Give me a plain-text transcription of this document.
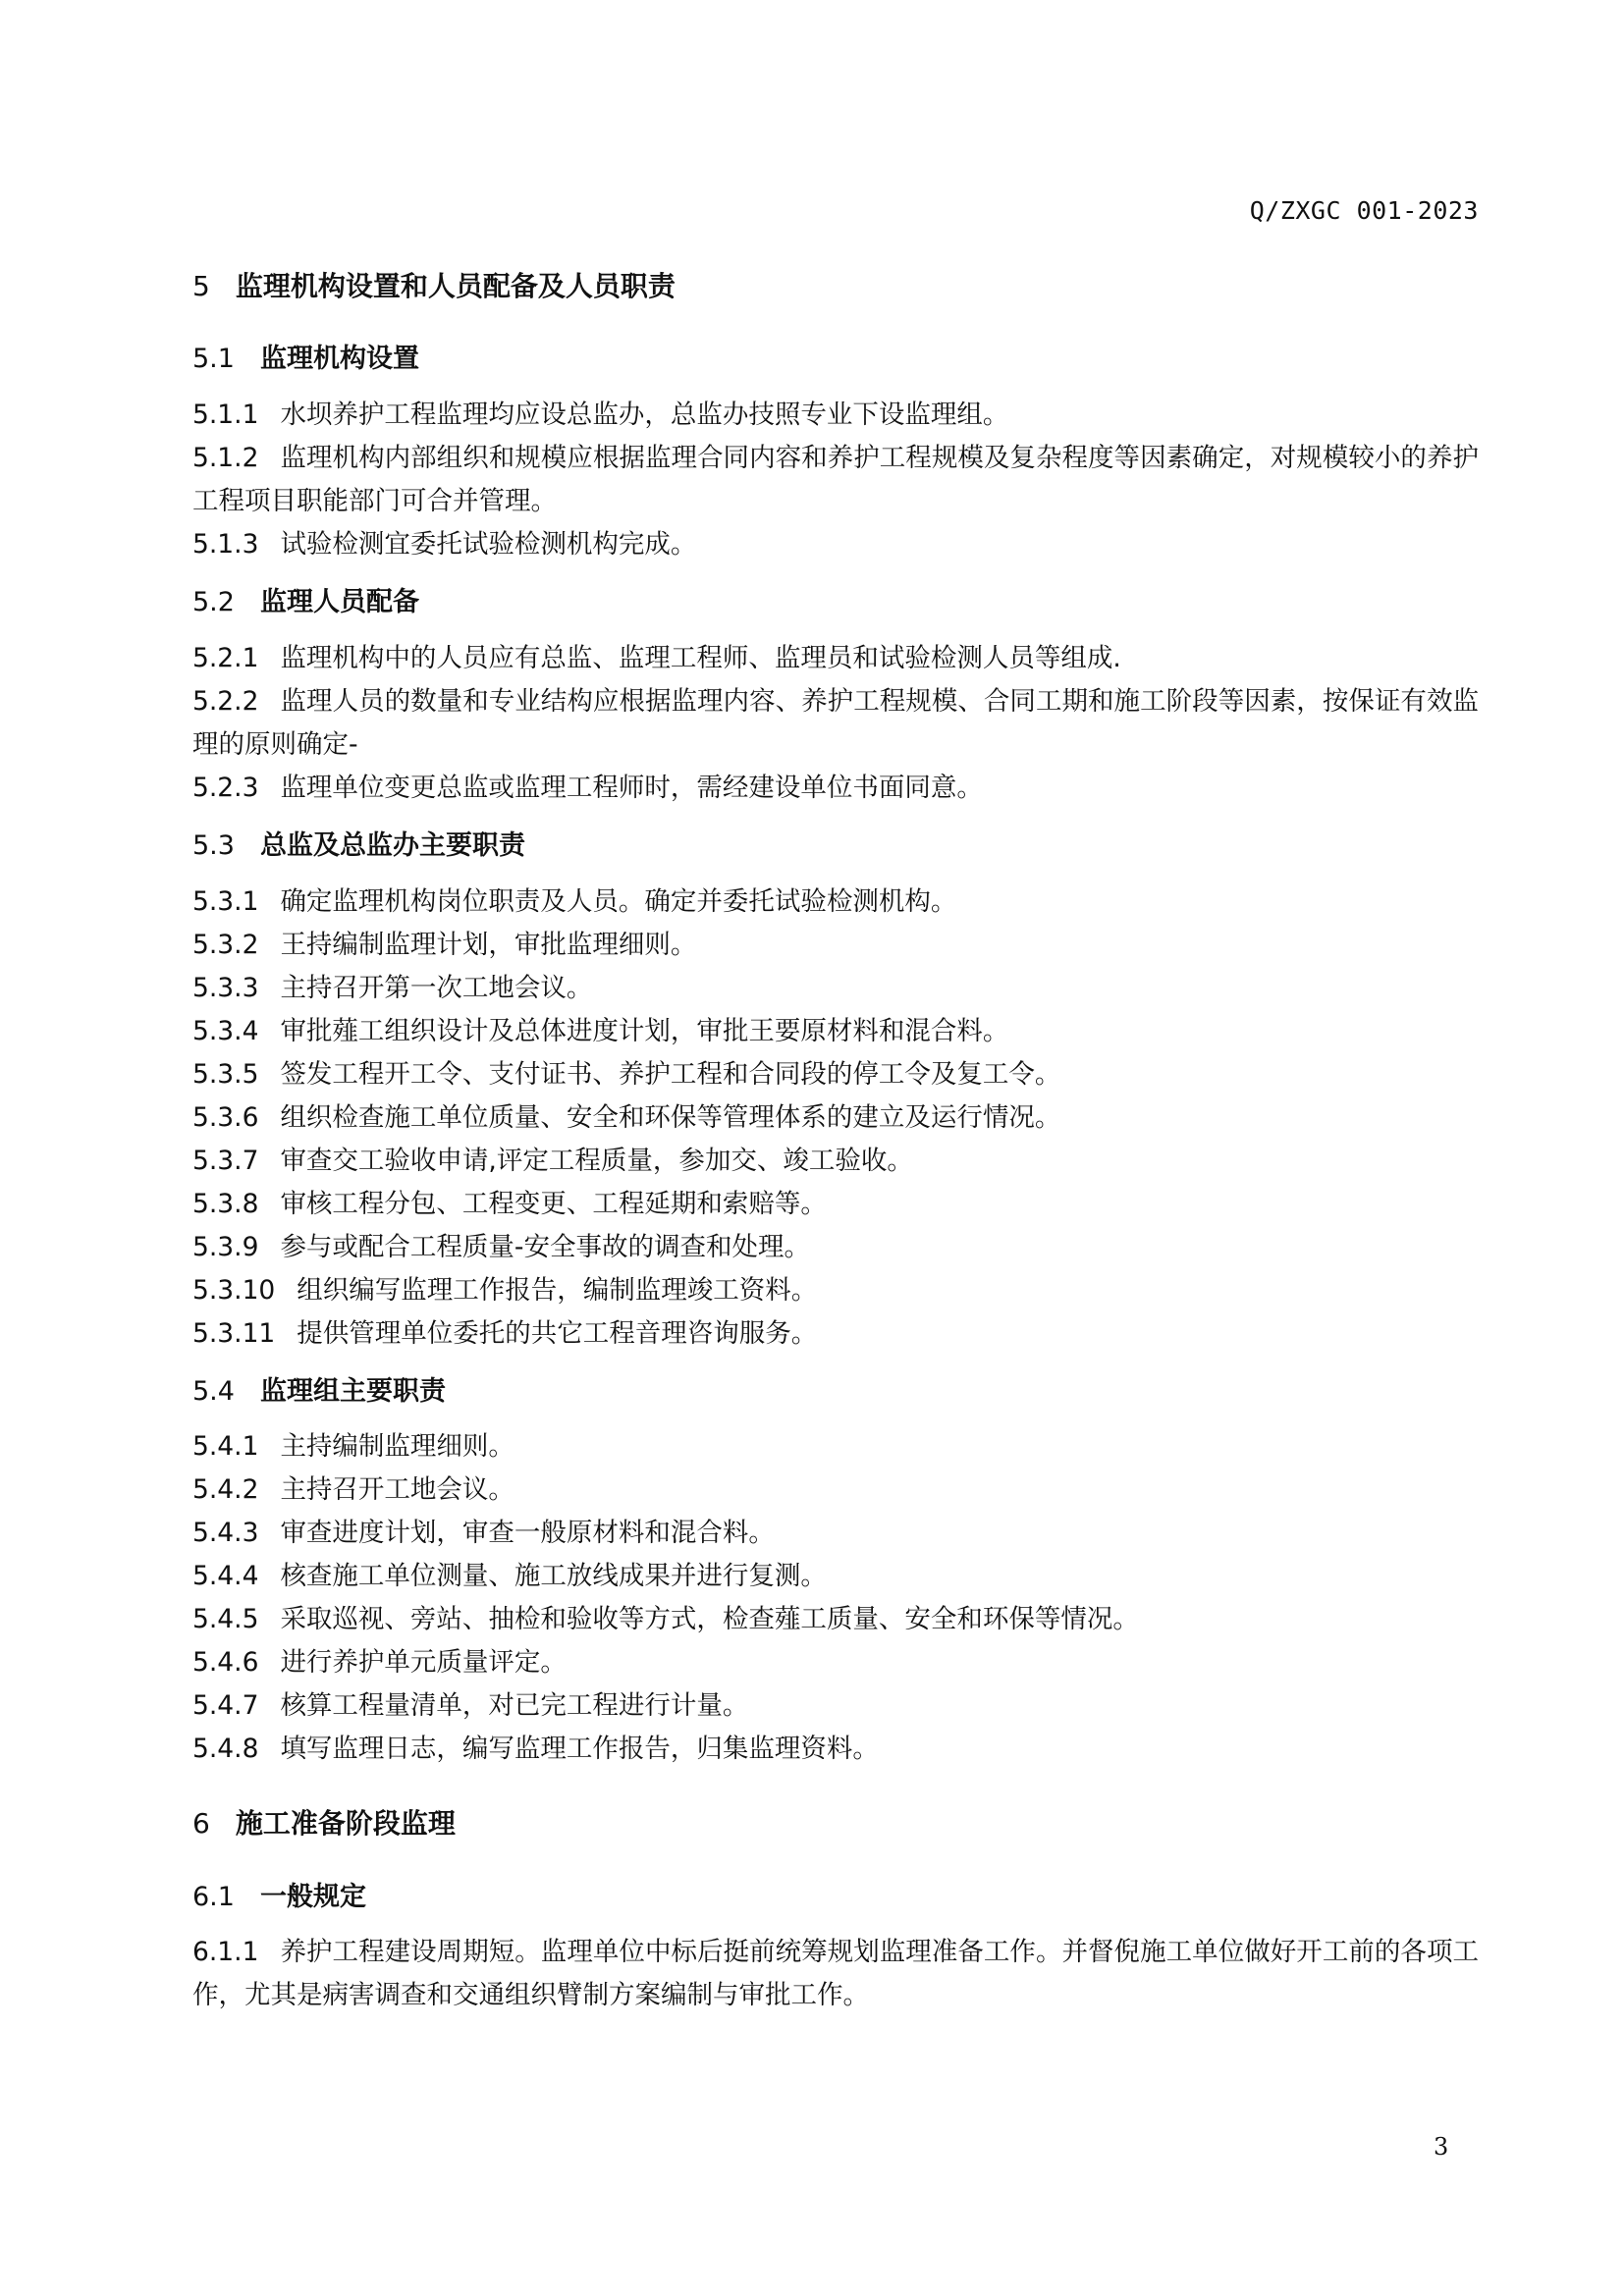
Q/ZXGC 001-2023
5 监理机构设置和人员配备及人员职责
5.1 监理机构设置
5.1.1 水坝养护工程监理均应设总监办，总监办技照专业下设监理组。
5.1.2 监理机构内部组织和规模应根据监理合同内容和养护工程规模及复杂程度等因素确定，对规模较小的养护工程项目职能部门可合并管理。
5.1.3 试验检测宜委托试验检测机构完成。
5.2 监理人员配备
5.2.1 监理机构中的人员应有总监、监理工程师、监理员和试验检测人员等组成.
5.2.2 监理人员的数量和专业结构应根据监理内容、养护工程规模、合同工期和施工阶段等因素，按保证有效监理的原则确定-
5.2.3 监理单位变更总监或监理工程师时，需经建设单位书面同意。
5.3 总监及总监办主要职责
5.3.1 确定监理机构岗位职责及人员。确定并委托试验检测机构。
5.3.2 王持编制监理计划，审批监理细则。
5.3.3 主持召开第一次工地会议。
5.3.4 审批薤工组织设计及总体进度计划，审批王要原材料和混合料。
5.3.5 签发工程开工令、支付证书、养护工程和合同段的停工令及复工令。
5.3.6 组织检查施工单位质量、安全和环保等管理体系的建立及运行情况。
5.3.7 审查交工验收申请,评定工程质量，参加交、竣工验收。
5.3.8 审核工程分包、工程变更、工程延期和索赔等。
5.3.9 参与或配合工程质量-安全事故的调查和处理。
5.3.10 组织编写监理工作报告，编制监理竣工资料。
5.3.11 提供管理单位委托的共它工程音理咨询服务。
5.4 监理组主要职责
5.4.1 主持编制监理细则。
5.4.2 主持召开工地会议。
5.4.3 审查进度计划，审查一般原材料和混合料。
5.4.4 核查施工单位测量、施工放线成果并进行复测。
5.4.5 采取巡视、旁站、抽检和验收等方式，检查薤工质量、安全和环保等情况。
5.4.6 进行养护单元质量评定。
5.4.7 核算工程量清单，对已完工程进行计量。
5.4.8 填写监理日志，编写监理工作报告，归集监理资料。
6 施工准备阶段监理
6.1 一般规定
6.1.1 养护工程建设周期短。监理单位中标后挺前统筹规划监理准备工作。并督倪施工单位做好开工前的各项工作，尤其是病害调查和交通组织臂制方案编制与审批工作。
3
